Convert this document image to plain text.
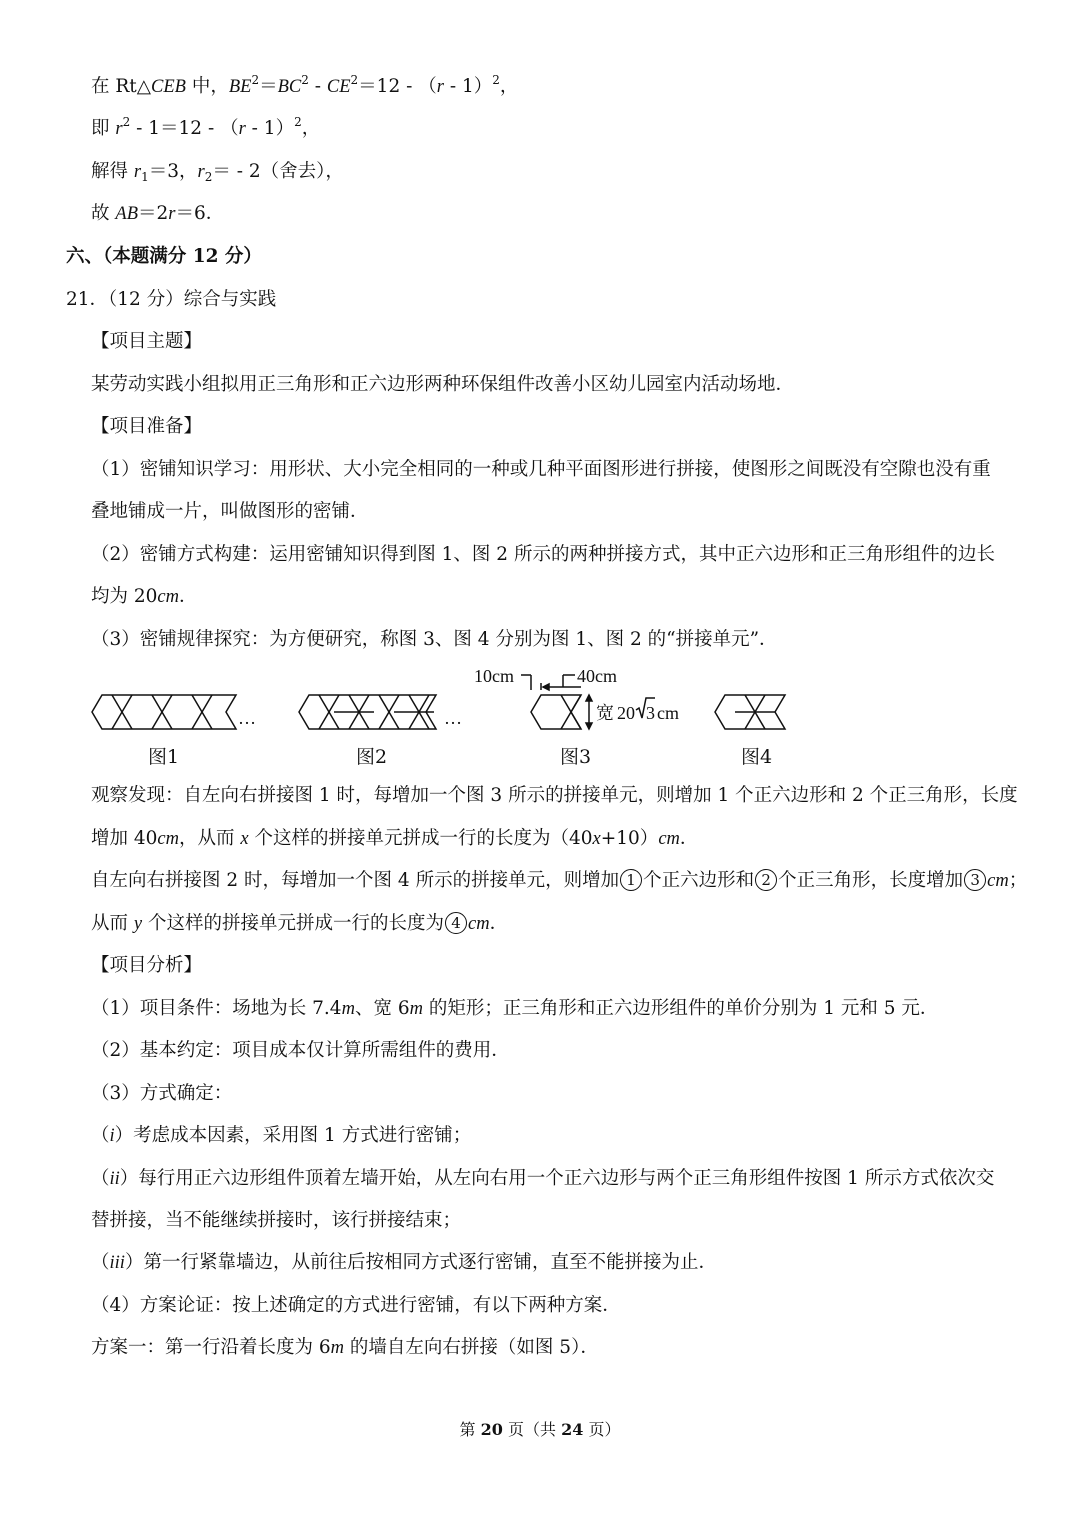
在 Rt△CEB 中，$BE^2=BC^2 - CE^2=12 - (r - 1)^2$，
即 $r^2 - 1=12 - (r - 1)^2$，
解得 $r_1=3$，$r_2= - 2$（舍去），
故 AB＝2r＝6．
六、（本题满分 12 分）
21．（12 分）综合与实践
【项目主题】
某劳动实践小组拟用正三角形和正六边形两种环保组件改善小区幼儿园室内活动场地．
【项目准备】
（1）密铺知识学习：用形状、大小完全相同的一种或几种平面图形进行拼接，使图形之间既没有空隙也没有重
叠地铺成一片，叫做图形的密铺．
（2）密铺方式构建：运用密铺知识得到图 1、图 2 所示的两种拼接方式，其中正六边形和正三角形组件的边长
均为 20cm．
（3）密铺规律探究：为方便研究，称图 3、图 4 分别为图 1、图 2 的“拼接单元”．
…	…
10cm	40cm
宽 20 3 cm
图1	图2	图3	图4
观察发现：自左向右拼接图 1 时，每增加一个图 3 所示的拼接单元，则增加 1 个正六边形和 2 个正三角形，长度
增加 40cm，从而 x 个这样的拼接单元拼成一行的长度为（40x+10）cm．
自左向右拼接图 2 时，每增加一个图 4 所示的拼接单元，则增加 1 个正六边形和 2 个正三角形，长度增加 3 cm；
从而 y 个这样的拼接单元拼成一行的长度为 4 cm．
【项目分析】
（1）项目条件：场地为长 7.4m、宽 6m 的矩形；正三角形和正六边形组件的单价分别为 1 元和 5 元．
（2）基本约定：项目成本仅计算所需组件的费用．
（3）方式确定：
（i）考虑成本因素，采用图 1 方式进行密铺；
（ii）每行用正六边形组件顶着左墙开始，从左向右用一个正六边形与两个正三角形组件按图 1 所示方式依次交
替拼接，当不能继续拼接时，该行拼接结束；
（iii）第一行紧靠墙边，从前往后按相同方式逐行密铺，直至不能拼接为止．
（4）方案论证：按上述确定的方式进行密铺，有以下两种方案．
方案一：第一行沿着长度为 6m 的墙自左向右拼接（如图 5）．
第 20 页（共 24 页）
